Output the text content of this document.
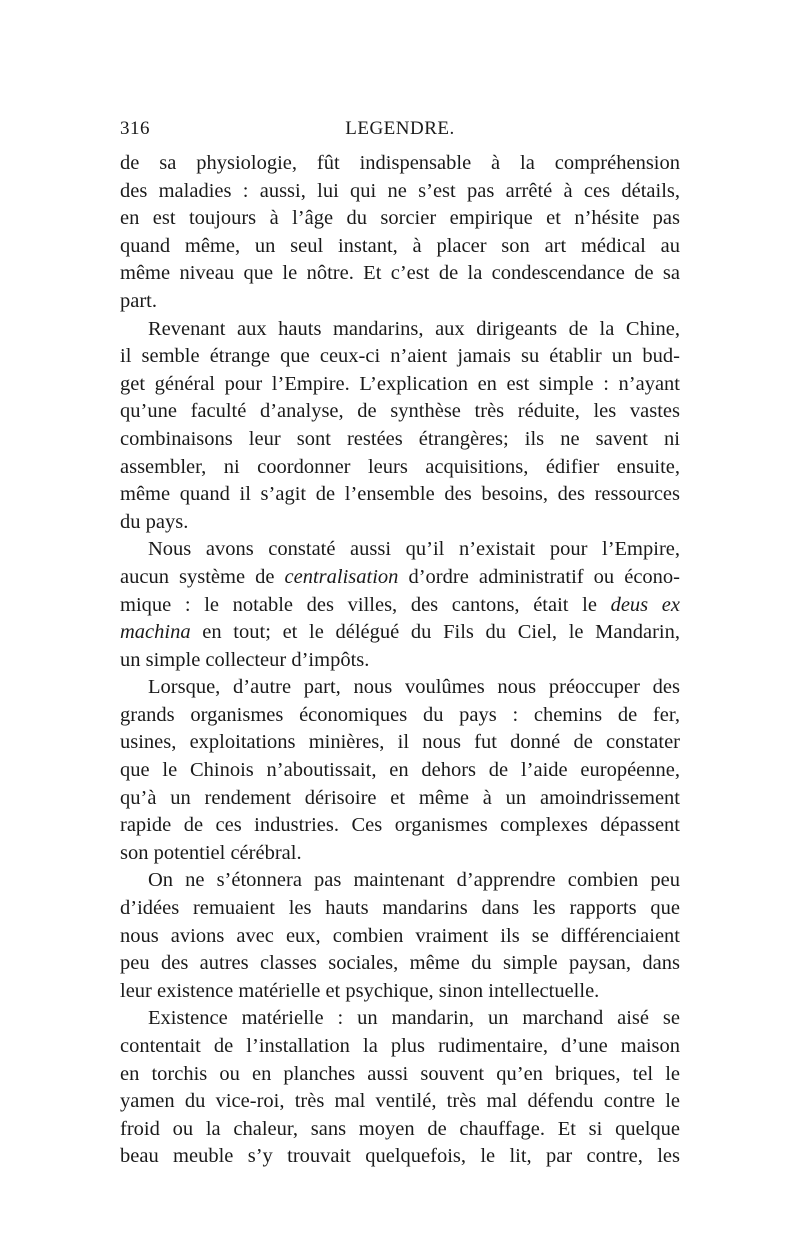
316	LEGENDRE.

de sa physiologie, fût indispensable à la compréhension
des maladies : aussi, lui qui ne s’est pas arrêté à ces détails,
en est toujours à l’âge du sorcier empirique et n’hésite pas
quand même, un seul instant, à placer son art médical au
même niveau que le nôtre. Et c’est de la condescendance de sa
part.

Revenant aux hauts mandarins, aux dirigeants de la Chine,
il semble étrange que ceux-ci n’aient jamais su établir un bud-
get général pour l’Empire. L’explication en est simple : n’ayant
qu’une faculté d’analyse, de synthèse très réduite, les vastes
combinaisons leur sont restées étrangères; ils ne savent ni
assembler, ni coordonner leurs acquisitions, édifier ensuite,
même quand il s’agit de l’ensemble des besoins, des ressources
du pays.

Nous avons constaté aussi qu’il n’existait pour l’Empire,
aucun système de centralisation d’ordre administratif ou écono-
mique : le notable des villes, des cantons, était le deus ex
machina en tout; et le délégué du Fils du Ciel, le Mandarin,
un simple collecteur d’impôts.

Lorsque, d’autre part, nous voulûmes nous préoccuper des
grands organismes économiques du pays : chemins de fer,
usines, exploitations minières, il nous fut donné de constater
que le Chinois n’aboutissait, en dehors de l’aide européenne,
qu’à un rendement dérisoire et même à un amoindrissement
rapide de ces industries. Ces organismes complexes dépassent
son potentiel cérébral.

On ne s’étonnera pas maintenant d’apprendre combien peu
d’idées remuaient les hauts mandarins dans les rapports que
nous avions avec eux, combien vraiment ils se différenciaient
peu des autres classes sociales, même du simple paysan, dans
leur existence matérielle et psychique, sinon intellectuelle.

Existence matérielle : un mandarin, un marchand aisé se
contentait de l’installation la plus rudimentaire, d’une maison
en torchis ou en planches aussi souvent qu’en briques, tel le
yamen du vice-roi, très mal ventilé, très mal défendu contre le
froid ou la chaleur, sans moyen de chauffage. Et si quelque
beau meuble s’y trouvait quelquefois, le lit, par contre, les
